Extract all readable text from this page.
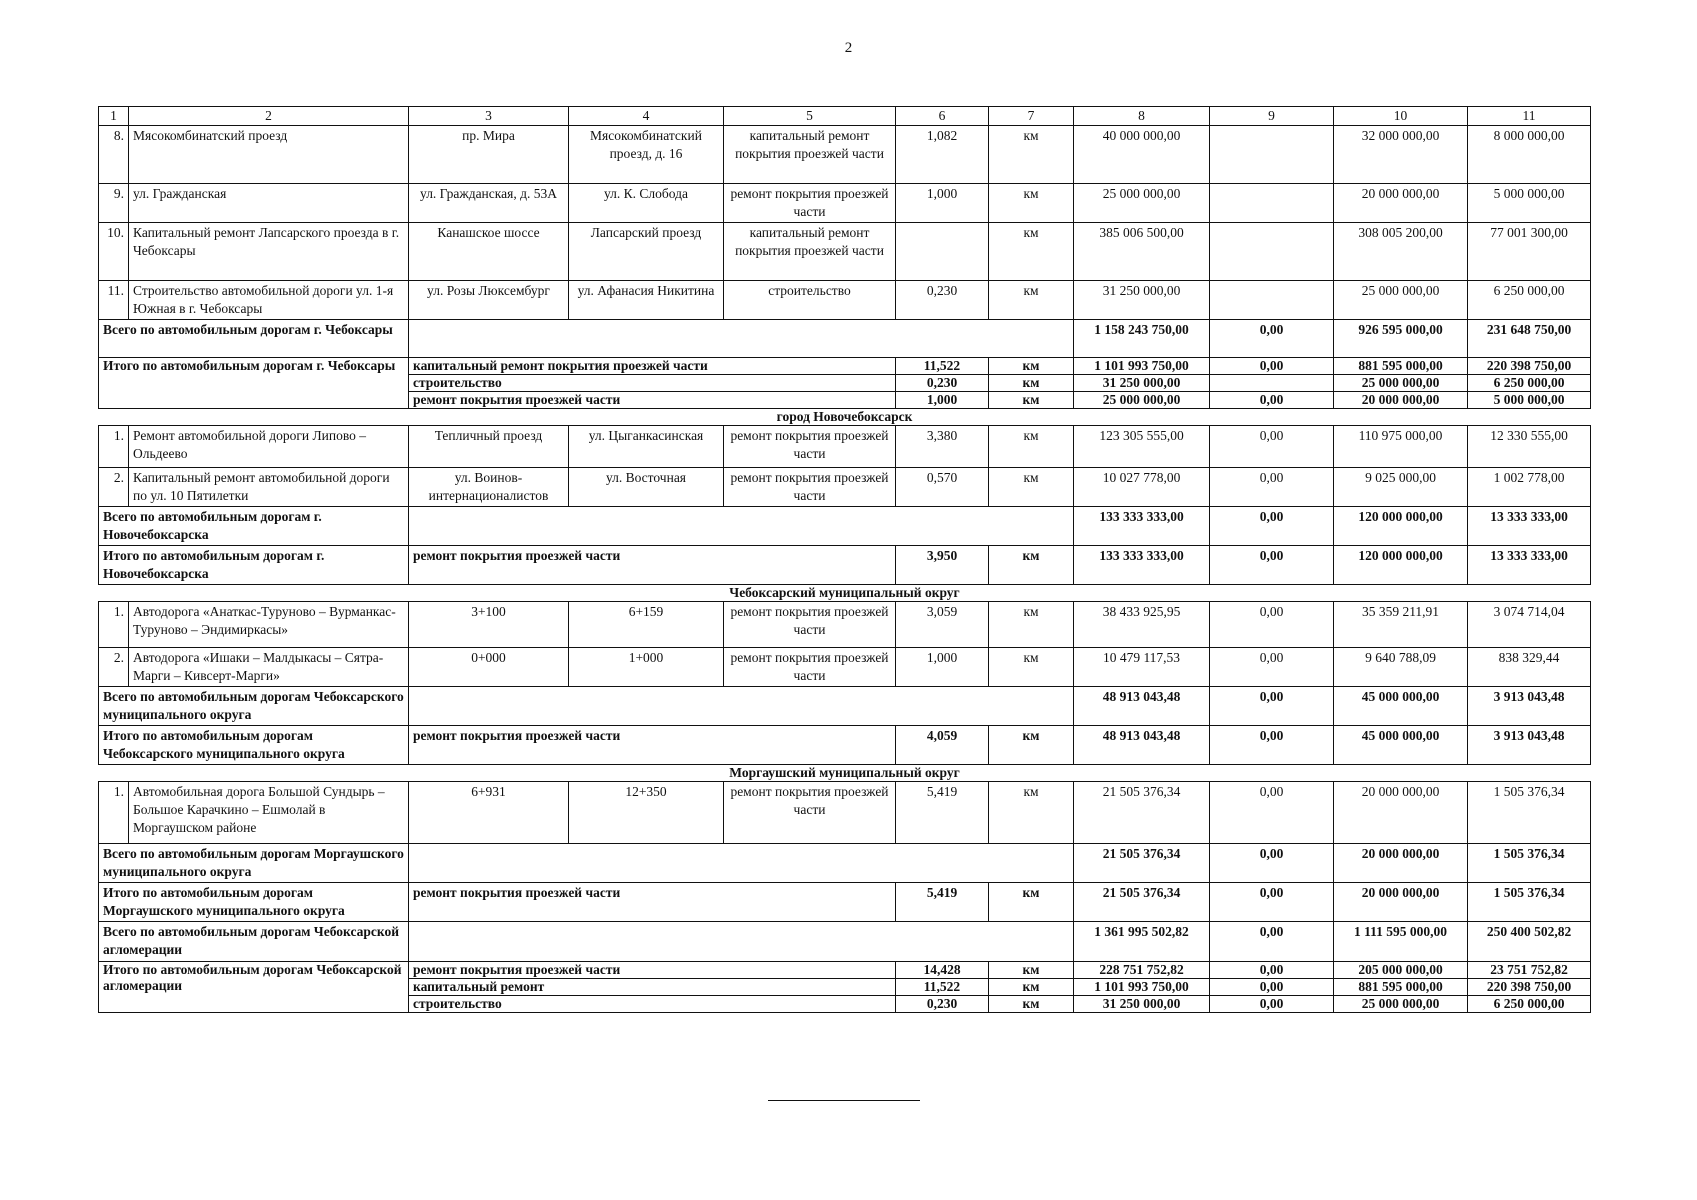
2
1	2	3	4	5	6	7	8	9	10	11
8.	Мясокомбинатский проезд	пр. Мира	Мясокомбинатский проезд, д. 16	капитальный ремонт покрытия проезжей части	1,082	км	40 000 000,00		32 000 000,00	8 000 000,00
9.	ул. Гражданская	ул. Гражданская, д. 53А	ул. К. Слобода	ремонт покрытия проезжей части	1,000	км	25 000 000,00		20 000 000,00	5 000 000,00
10.	Капитальный ремонт Лапсарского проезда в г. Чебоксары	Канашское шоссе	Лапсарский проезд	капитальный ремонт покрытия проезжей части		км	385 006 500,00		308 005 200,00	77 001 300,00
11.	Строительство автомобильной дороги ул. 1-я Южная в г. Чебоксары	ул. Розы Люксембург	ул. Афанасия Никитина	строительство	0,230	км	31 250 000,00		25 000 000,00	6 250 000,00
Всего по автомобильным дорогам г. Чебоксары							1 158 243 750,00	0,00	926 595 000,00	231 648 750,00
Итого по автомобильным дорогам г. Чебоксары		капитальный ремонт покрытия проезжей части			11,522	км	1 101 993 750,00	0,00	881 595 000,00	220 398 750,00
		строительство			0,230	км	31 250 000,00		25 000 000,00	6 250 000,00
		ремонт покрытия проезжей части			1,000	км	25 000 000,00	0,00	20 000 000,00	5 000 000,00
город Новочебоксарск										
1.	Ремонт автомобильной дороги Липово – Ольдеево	Тепличный проезд	ул. Цыганкасинская	ремонт покрытия проезжей части	3,380	км	123 305 555,00	0,00	110 975 000,00	12 330 555,00
2.	Капитальный ремонт автомобильной дороги по ул. 10 Пятилетки	ул. Воинов-интернационалистов	ул. Восточная	ремонт покрытия проезжей части	0,570	км	10 027 778,00	0,00	9 025 000,00	1 002 778,00
Всего по автомобильным дорогам г. Новочебоксарска							133 333 333,00	0,00	120 000 000,00	13 333 333,00
Итого по автомобильным дорогам г. Новочебоксарска		ремонт покрытия проезжей части			3,950	км	133 333 333,00	0,00	120 000 000,00	13 333 333,00
Чебоксарский муниципальный округ										
1.	Автодорога «Анаткас-Туруново – Вурманкас-Туруново – Эндимиркасы»	3+100	6+159	ремонт покрытия проезжей части	3,059	км	38 433 925,95	0,00	35 359 211,91	3 074 714,04
2.	Автодорога «Ишаки – Малдыкасы – Сятра-Марги – Кивсерт-Марги»	0+000	1+000	ремонт покрытия проезжей части	1,000	км	10 479 117,53	0,00	9 640 788,09	838 329,44
Всего по автомобильным дорогам Чебоксарского муниципального округа							48 913 043,48	0,00	45 000 000,00	3 913 043,48
Итого по автомобильным дорогам Чебоксарского муниципального округа		ремонт покрытия проезжей части			4,059	км	48 913 043,48	0,00	45 000 000,00	3 913 043,48
Моргаушский муниципальный округ										
1.	Автомобильная дорога Большой Сундырь – Большое Карачкино – Ешмолай в Моргаушском районе	6+931	12+350	ремонт покрытия проезжей части	5,419	км	21 505 376,34	0,00	20 000 000,00	1 505 376,34
Всего по автомобильным дорогам Моргаушского муниципального округа							21 505 376,34	0,00	20 000 000,00	1 505 376,34
Итого по автомобильным дорогам Моргаушского муниципального округа		ремонт покрытия проезжей части			5,419	км	21 505 376,34	0,00	20 000 000,00	1 505 376,34
Всего по автомобильным дорогам Чебоксарской агломерации							1 361 995 502,82	0,00	1 111 595 000,00	250 400 502,82
Итого по автомобильным дорогам Чебоксарской агломерации		ремонт покрытия проезжей части			14,428	км	228 751 752,82	0,00	205 000 000,00	23 751 752,82
		капитальный ремонт			11,522	км	1 101 993 750,00	0,00	881 595 000,00	220 398 750,00
		строительство			0,230	км	31 250 000,00	0,00	25 000 000,00	6 250 000,00
